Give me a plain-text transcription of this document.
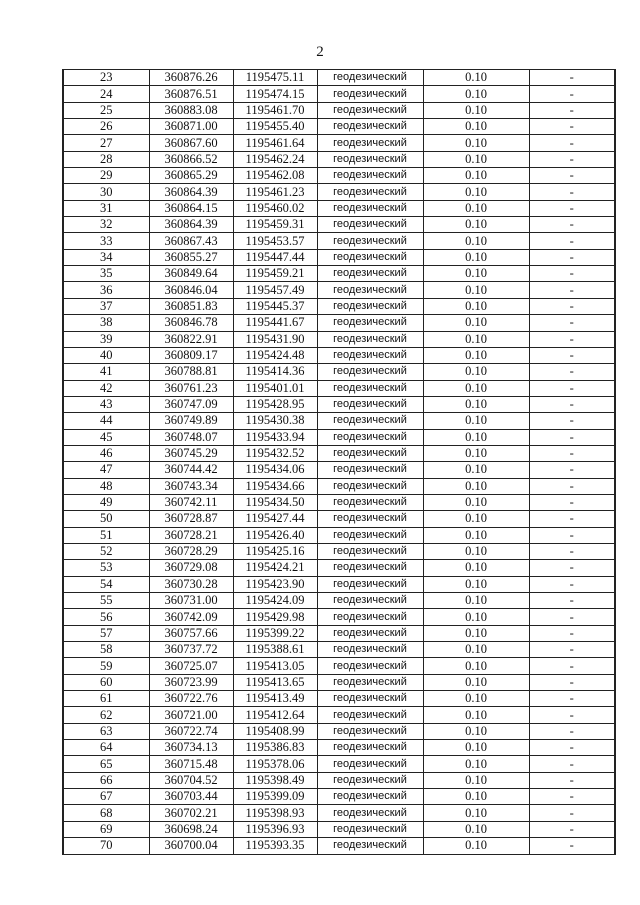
2
23	360876.26	1195475.11	геодезический	0.10	-
24	360876.51	1195474.15	геодезический	0.10	-
25	360883.08	1195461.70	геодезический	0.10	-
26	360871.00	1195455.40	геодезический	0.10	-
27	360867.60	1195461.64	геодезический	0.10	-
28	360866.52	1195462.24	геодезический	0.10	-
29	360865.29	1195462.08	геодезический	0.10	-
30	360864.39	1195461.23	геодезический	0.10	-
31	360864.15	1195460.02	геодезический	0.10	-
32	360864.39	1195459.31	геодезический	0.10	-
33	360867.43	1195453.57	геодезический	0.10	-
34	360855.27	1195447.44	геодезический	0.10	-
35	360849.64	1195459.21	геодезический	0.10	-
36	360846.04	1195457.49	геодезический	0.10	-
37	360851.83	1195445.37	геодезический	0.10	-
38	360846.78	1195441.67	геодезический	0.10	-
39	360822.91	1195431.90	геодезический	0.10	-
40	360809.17	1195424.48	геодезический	0.10	-
41	360788.81	1195414.36	геодезический	0.10	-
42	360761.23	1195401.01	геодезический	0.10	-
43	360747.09	1195428.95	геодезический	0.10	-
44	360749.89	1195430.38	геодезический	0.10	-
45	360748.07	1195433.94	геодезический	0.10	-
46	360745.29	1195432.52	геодезический	0.10	-
47	360744.42	1195434.06	геодезический	0.10	-
48	360743.34	1195434.66	геодезический	0.10	-
49	360742.11	1195434.50	геодезический	0.10	-
50	360728.87	1195427.44	геодезический	0.10	-
51	360728.21	1195426.40	геодезический	0.10	-
52	360728.29	1195425.16	геодезический	0.10	-
53	360729.08	1195424.21	геодезический	0.10	-
54	360730.28	1195423.90	геодезический	0.10	-
55	360731.00	1195424.09	геодезический	0.10	-
56	360742.09	1195429.98	геодезический	0.10	-
57	360757.66	1195399.22	геодезический	0.10	-
58	360737.72	1195388.61	геодезический	0.10	-
59	360725.07	1195413.05	геодезический	0.10	-
60	360723.99	1195413.65	геодезический	0.10	-
61	360722.76	1195413.49	геодезический	0.10	-
62	360721.00	1195412.64	геодезический	0.10	-
63	360722.74	1195408.99	геодезический	0.10	-
64	360734.13	1195386.83	геодезический	0.10	-
65	360715.48	1195378.06	геодезический	0.10	-
66	360704.52	1195398.49	геодезический	0.10	-
67	360703.44	1195399.09	геодезический	0.10	-
68	360702.21	1195398.93	геодезический	0.10	-
69	360698.24	1195396.93	геодезический	0.10	-
70	360700.04	1195393.35	геодезический	0.10	-
